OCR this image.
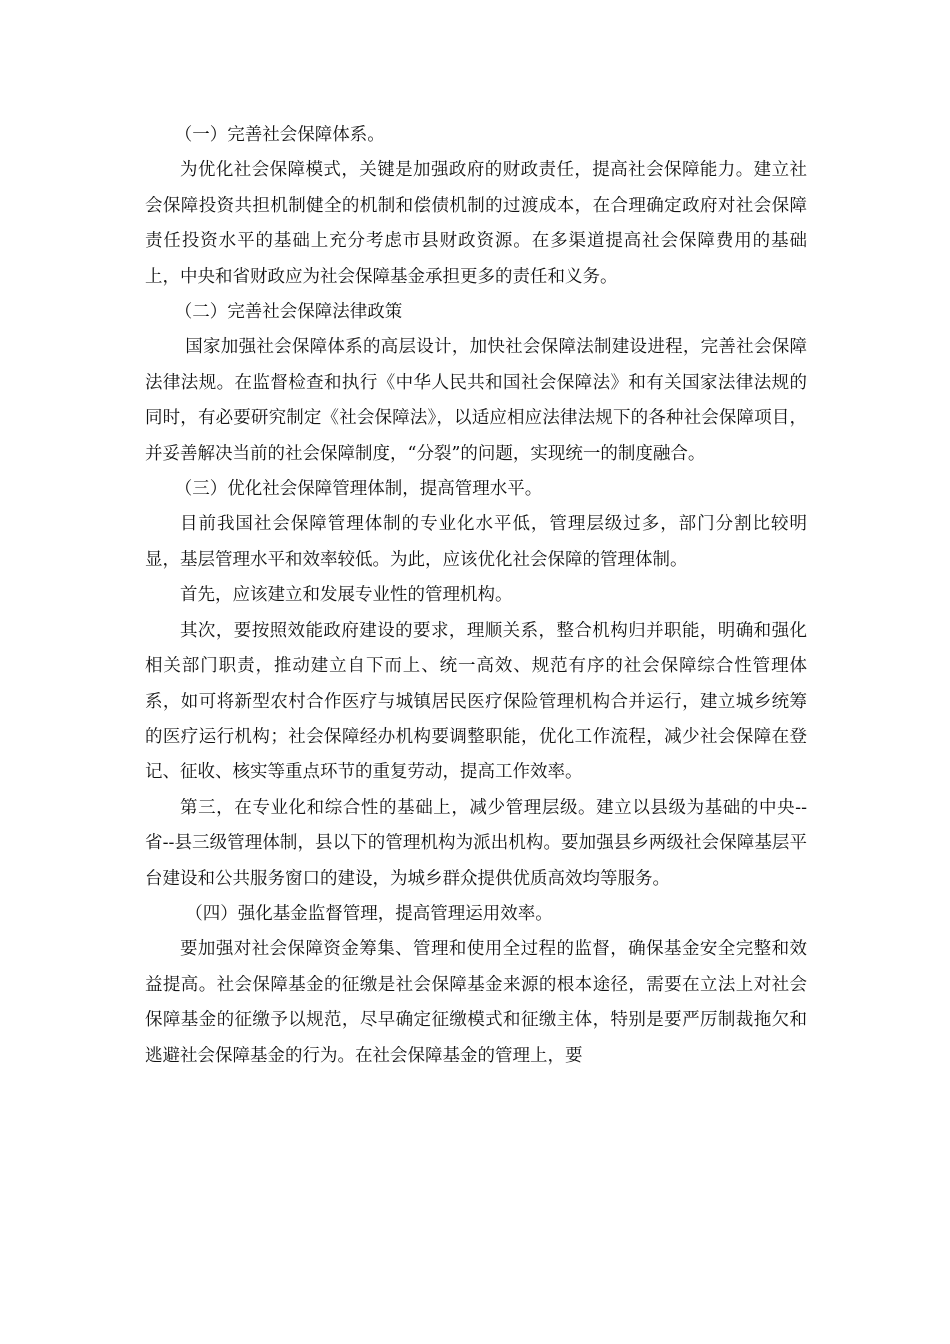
（一）完善社会保障体系。

为优化社会保障模式，关键是加强政府的财政责任，提高社会保障能力。建立社会保障投资共担机制健全的机制和偿债机制的过渡成本，在合理确定政府对社会保障责任投资水平的基础上充分考虑市县财政资源。在多渠道提高社会保障费用的基础上，中央和省财政应为社会保障基金承担更多的责任和义务。

（二）完善社会保障法律政策

国家加强社会保障体系的高层设计，加快社会保障法制建设进程，完善社会保障法律法规。在监督检查和执行《中华人民共和国社会保障法》和有关国家法律法规的同时，有必要研究制定《社会保障法》，以适应相应法律法规下的各种社会保障项目，并妥善解决当前的社会保障制度，“分裂”的问题，实现统一的制度融合。

（三）优化社会保障管理体制，提高管理水平。

目前我国社会保障管理体制的专业化水平低，管理层级过多，部门分割比较明显，基层管理水平和效率较低。为此，应该优化社会保障的管理体制。

首先，应该建立和发展专业性的管理机构。

其次，要按照效能政府建设的要求，理顺关系，整合机构归并职能，明确和强化相关部门职责，推动建立自下而上、统一高效、规范有序的社会保障综合性管理体系，如可将新型农村合作医疗与城镇居民医疗保险管理机构合并运行，建立城乡统筹的医疗运行机构；社会保障经办机构要调整职能，优化工作流程，减少社会保障在登记、征收、核实等重点环节的重复劳动，提高工作效率。

第三，在专业化和综合性的基础上，减少管理层级。建立以县级为基础的中央--省--县三级管理体制，县以下的管理机构为派出机构。要加强县乡两级社会保障基层平台建设和公共服务窗口的建设，为城乡群众提供优质高效均等服务。

（四）强化基金监督管理，提高管理运用效率。

要加强对社会保障资金筹集、管理和使用全过程的监督，确保基金安全完整和效益提高。社会保障基金的征缴是社会保障基金来源的根本途径，需要在立法上对社会保障基金的征缴予以规范，尽早确定征缴模式和征缴主体，特别是要严厉制裁拖欠和逃避社会保障基金的行为。在社会保障基金的管理上，要
